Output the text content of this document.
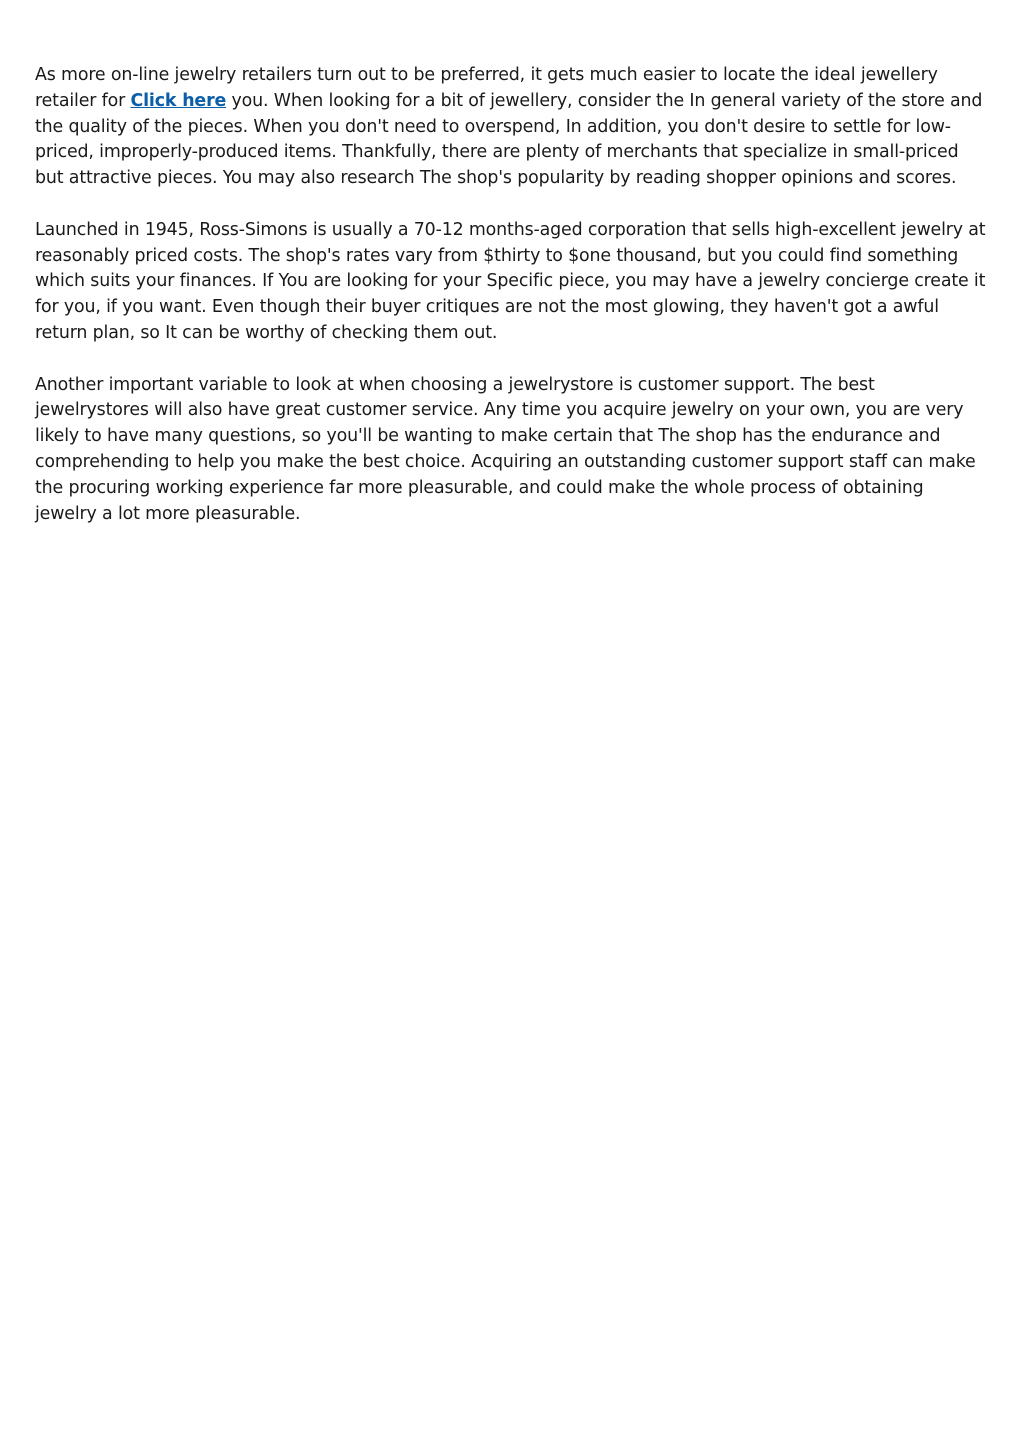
As more on-line jewelry retailers turn out to be preferred, it gets much easier to locate the ideal jewellery retailer for Click here you. When looking for a bit of jewellery, consider the In general variety of the store and the quality of the pieces. When you don't need to overspend, In addition, you don't desire to settle for low-priced, improperly-produced items. Thankfully, there are plenty of merchants that specialize in small-priced but attractive pieces. You may also research The shop's popularity by reading shopper opinions and scores.

Launched in 1945, Ross-Simons is usually a 70-12 months-aged corporation that sells high-excellent jewelry at reasonably priced costs. The shop's rates vary from $thirty to $one thousand, but you could find something which suits your finances. If You are looking for your Specific piece, you may have a jewelry concierge create it for you, if you want. Even though their buyer critiques are not the most glowing, they haven't got a awful return plan, so It can be worthy of checking them out.

Another important variable to look at when choosing a jewelrystore is customer support. The best jewelrystores will also have great customer service. Any time you acquire jewelry on your own, you are very likely to have many questions, so you'll be wanting to make certain that The shop has the endurance and comprehending to help you make the best choice. Acquiring an outstanding customer support staff can make the procuring working experience far more pleasurable, and could make the whole process of obtaining jewelry a lot more pleasurable.
